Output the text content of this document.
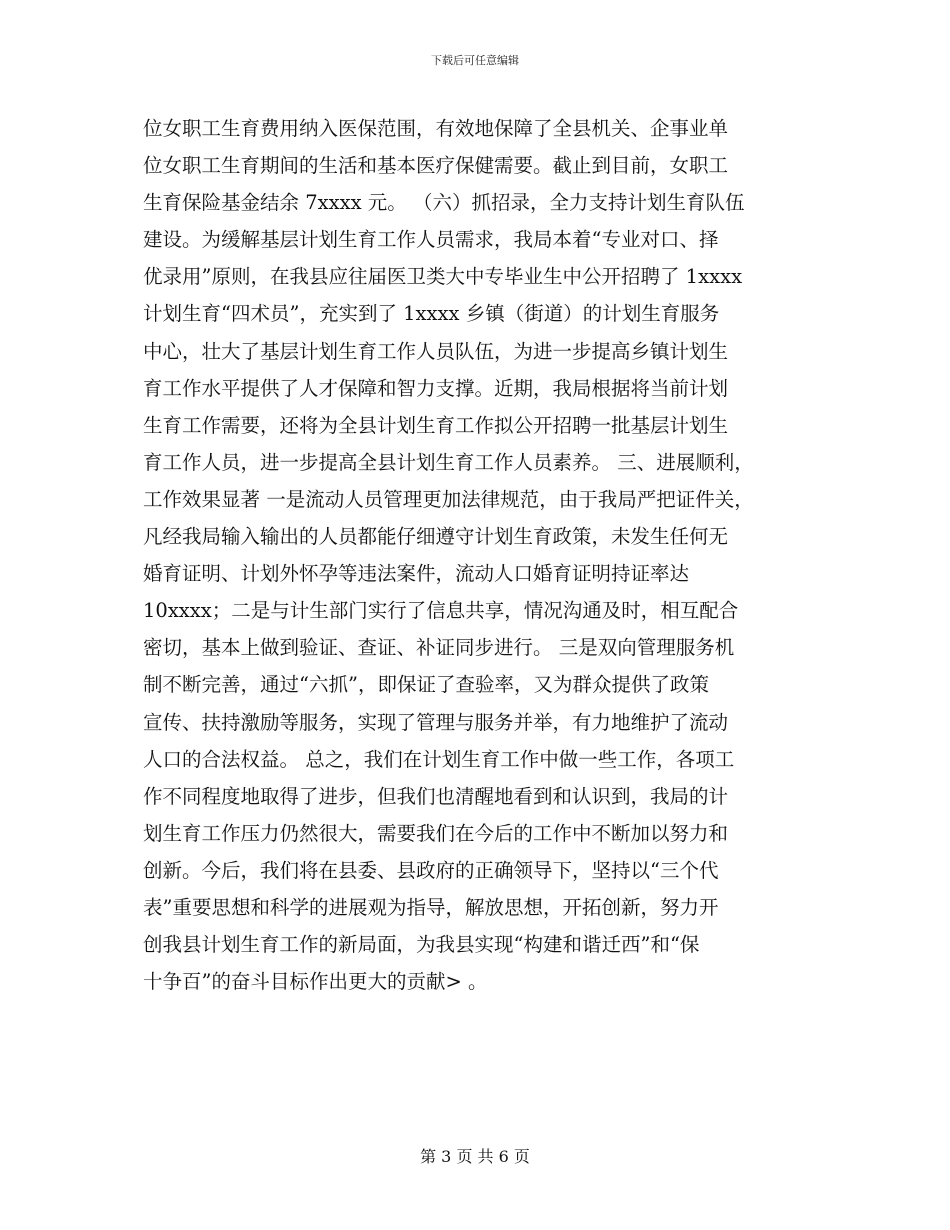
下载后可任意编辑
位女职工生育费用纳入医保范围，有效地保障了全县机关、企事业单
位女职工生育期间的生活和基本医疗保健需要。截止到目前，女职工
生育保险基金结余 7xxxx 元。 （六）抓招录，全力支持计划生育队伍
建设。为缓解基层计划生育工作人员需求，我局本着“专业对口、择
优录用”原则，在我县应往届医卫类大中专毕业生中公开招聘了 1xxxx
计划生育“四术员”，充实到了 1xxxx 乡镇（街道）的计划生育服务
中心，壮大了基层计划生育工作人员队伍，为进一步提高乡镇计划生
育工作水平提供了人才保障和智力支撑。近期，我局根据将当前计划
生育工作需要，还将为全县计划生育工作拟公开招聘一批基层计划生
育工作人员，进一步提高全县计划生育工作人员素养。 三、进展顺利，
工作效果显著 一是流动人员管理更加法律规范，由于我局严把证件关，
凡经我局输入输出的人员都能仔细遵守计划生育政策，未发生任何无
婚育证明、计划外怀孕等违法案件，流动人口婚育证明持证率达
10xxxx；二是与计生部门实行了信息共享，情况沟通及时，相互配合
密切，基本上做到验证、查证、补证同步进行。 三是双向管理服务机
制不断完善，通过“六抓”，即保证了查验率，又为群众提供了政策
宣传、扶持激励等服务，实现了管理与服务并举，有力地维护了流动
人口的合法权益。 总之，我们在计划生育工作中做一些工作，各项工
作不同程度地取得了进步，但我们也清醒地看到和认识到，我局的计
划生育工作压力仍然很大，需要我们在今后的工作中不断加以努力和
创新。今后，我们将在县委、县政府的正确领导下，坚持以“三个代
表”重要思想和科学的进展观为指导，解放思想，开拓创新，努力开
创我县计划生育工作的新局面，为我县实现“构建和谐迁西”和“保
十争百”的奋斗目标作出更大的贡献> 。
第 3 页 共 6 页
